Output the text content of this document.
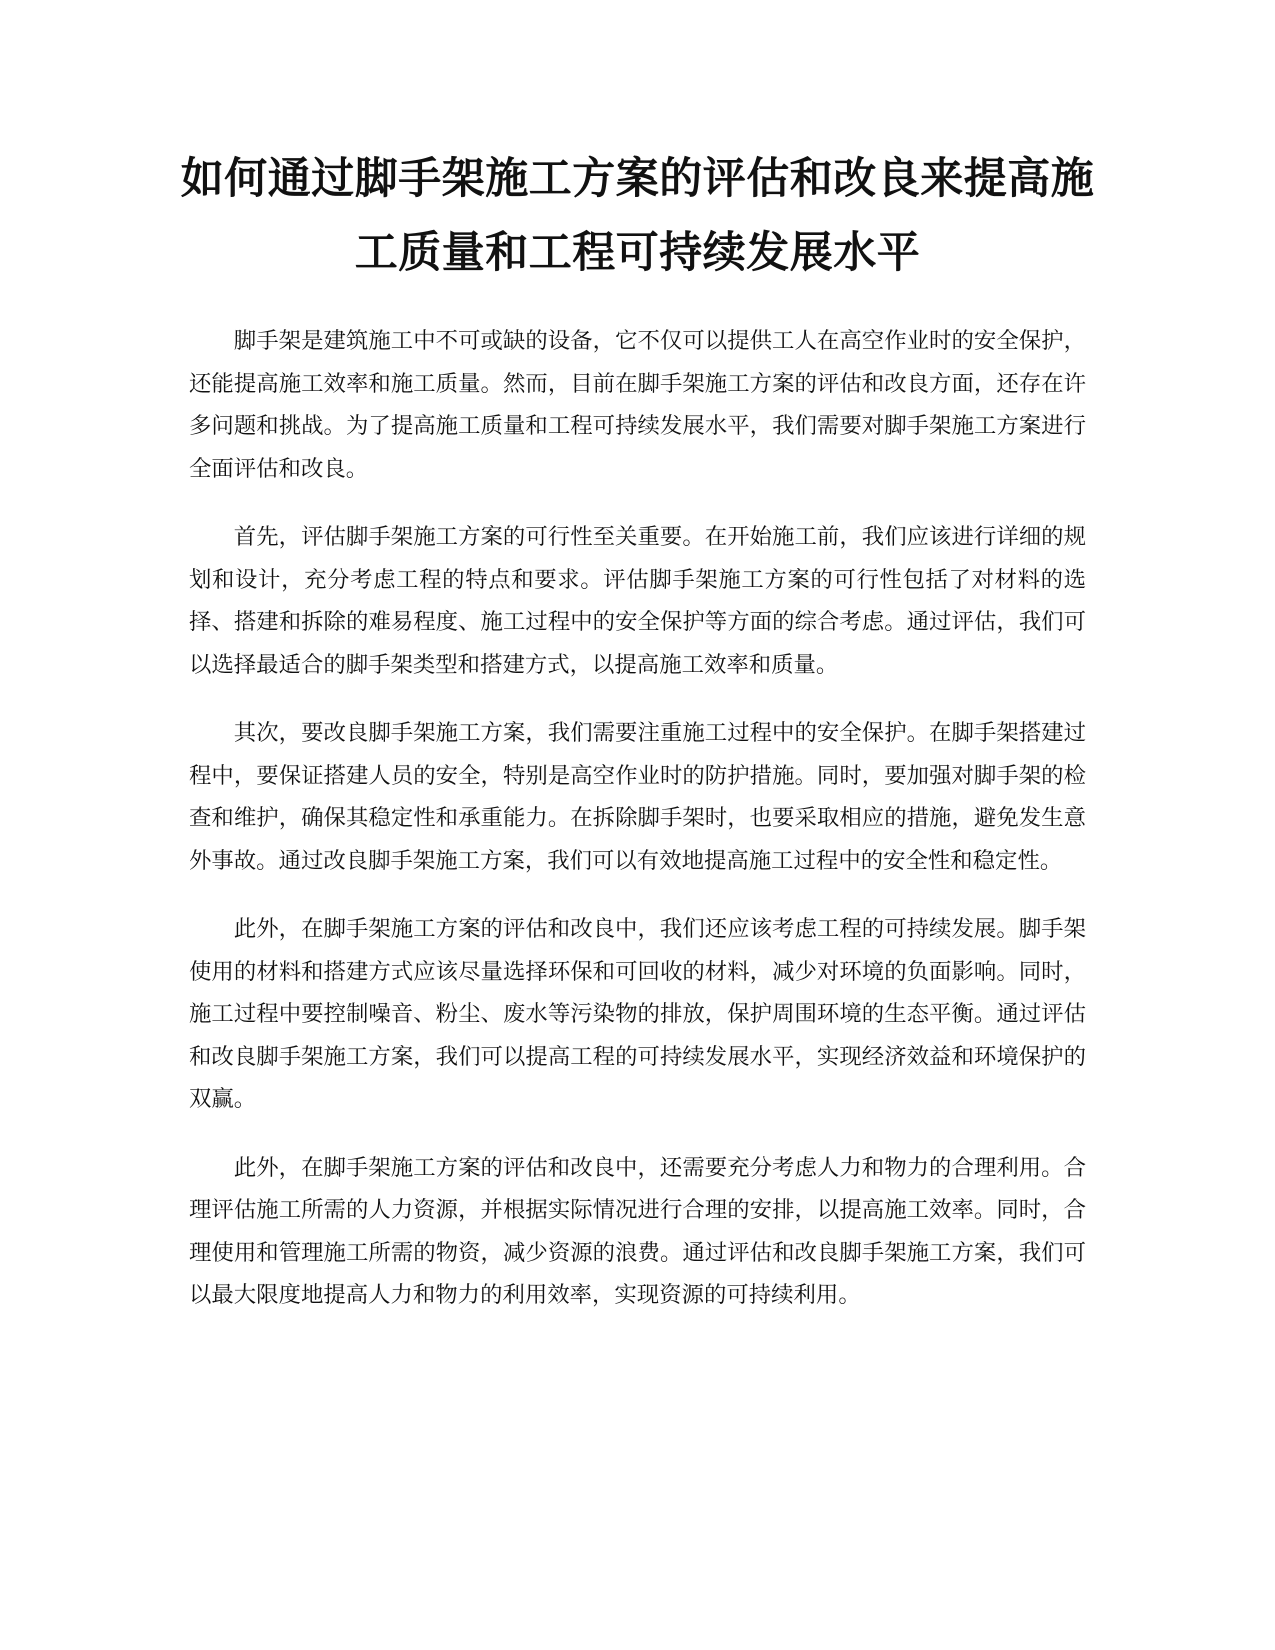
如何通过脚手架施工方案的评估和改良来提高施工质量和工程可持续发展水平

脚手架是建筑施工中不可或缺的设备，它不仅可以提供工人在高空作业时的安全保护，还能提高施工效率和施工质量。然而，目前在脚手架施工方案的评估和改良方面，还存在许多问题和挑战。为了提高施工质量和工程可持续发展水平，我们需要对脚手架施工方案进行全面评估和改良。

首先，评估脚手架施工方案的可行性至关重要。在开始施工前，我们应该进行详细的规划和设计，充分考虑工程的特点和要求。评估脚手架施工方案的可行性包括了对材料的选择、搭建和拆除的难易程度、施工过程中的安全保护等方面的综合考虑。通过评估，我们可以选择最适合的脚手架类型和搭建方式，以提高施工效率和质量。

其次，要改良脚手架施工方案，我们需要注重施工过程中的安全保护。在脚手架搭建过程中，要保证搭建人员的安全，特别是高空作业时的防护措施。同时，要加强对脚手架的检查和维护，确保其稳定性和承重能力。在拆除脚手架时，也要采取相应的措施，避免发生意外事故。通过改良脚手架施工方案，我们可以有效地提高施工过程中的安全性和稳定性。

此外，在脚手架施工方案的评估和改良中，我们还应该考虑工程的可持续发展。脚手架使用的材料和搭建方式应该尽量选择环保和可回收的材料，减少对环境的负面影响。同时，施工过程中要控制噪音、粉尘、废水等污染物的排放，保护周围环境的生态平衡。通过评估和改良脚手架施工方案，我们可以提高工程的可持续发展水平，实现经济效益和环境保护的双赢。

此外，在脚手架施工方案的评估和改良中，还需要充分考虑人力和物力的合理利用。合理评估施工所需的人力资源，并根据实际情况进行合理的安排，以提高施工效率。同时，合理使用和管理施工所需的物资，减少资源的浪费。通过评估和改良脚手架施工方案，我们可以最大限度地提高人力和物力的利用效率，实现资源的可持续利用。
